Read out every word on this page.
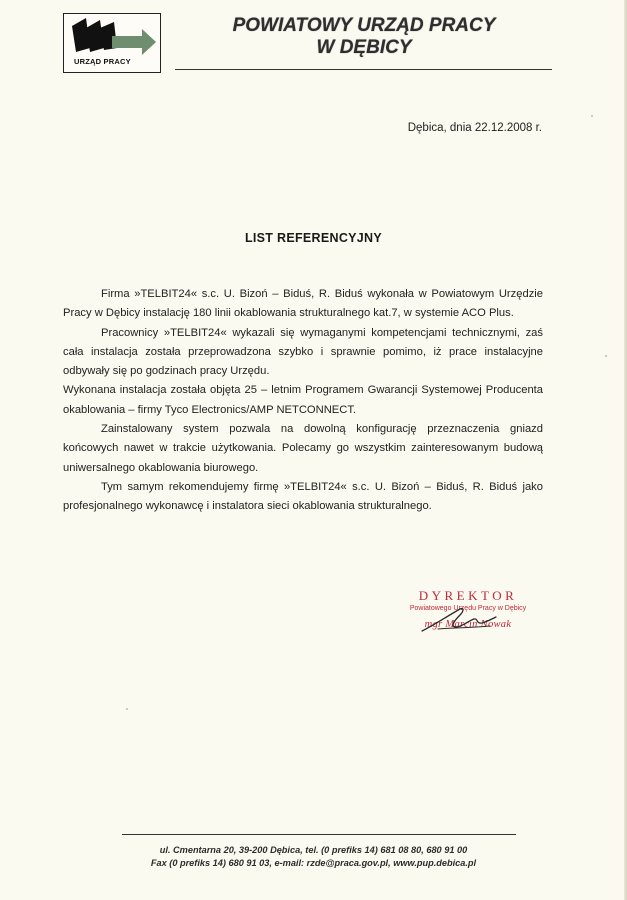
URZĄD PRACY
POWIATOWY URZĄD PRACY
W DĘBICY
Dębica, dnia 22.12.2008 r.
LIST REFERENCYJNY

Firma »TELBIT24« s.c. U. Bizoń – Biduś, R. Biduś wykonała w Powiatowym Urzędzie Pracy w Dębicy instalację 180 linii okablowania strukturalnego kat.7, w systemie ACO Plus.

Pracownicy »TELBIT24« wykazali się wymaganymi kompetencjami technicznymi, zaś cała instalacja została przeprowadzona szybko i sprawnie pomimo, iż prace instalacyjne odbywały się po godzinach pracy Urzędu.

Wykonana instalacja została objęta 25 – letnim Programem Gwarancji Systemowej Producenta okablowania – firmy Tyco Electronics/AMP NETCONNECT.

Zainstalowany system pozwala na dowolną konfigurację przeznaczenia gniazd końcowych nawet w trakcie użytkowania. Polecamy go wszystkim zainteresowanym budową uniwersalnego okablowania biurowego.

Tym samym rekomendujemy firmę »TELBIT24« s.c. U. Bizoń – Biduś, R. Biduś jako profesjonalnego wykonawcę i instalatora sieci okablowania strukturalnego.

DYREKTOR
Powiatowego Urzędu Pracy w Dębicy
mgr Marcin Nowak
ul. Cmentarna 20, 39-200 Dębica, tel. (0 prefiks 14) 681 08 80, 680 91 00
Fax (0 prefiks 14) 680 91 03, e-mail: rzde@praca.gov.pl, www.pup.debica.pl
